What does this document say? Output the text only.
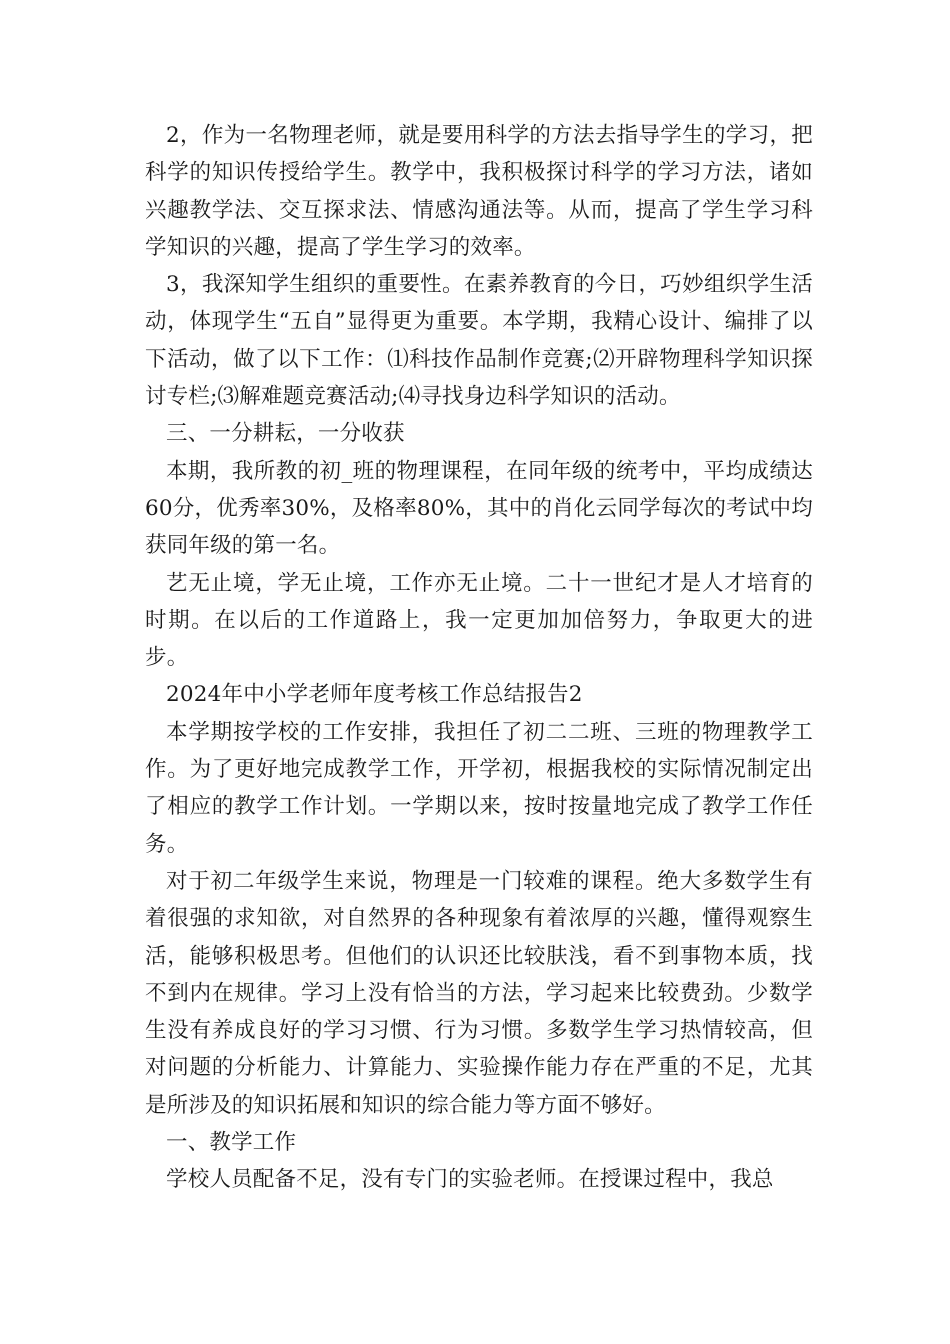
2，作为一名物理老师，就是要用科学的方法去指导学生的学习，把科学的知识传授给学生。教学中，我积极探讨科学的学习方法，诸如兴趣教学法、交互探求法、情感沟通法等。从而，提高了学生学习科学知识的兴趣，提高了学生学习的效率。

3，我深知学生组织的重要性。在素养教育的今日，巧妙组织学生活动，体现学生“五自”显得更为重要。本学期，我精心设计、编排了以下活动，做了以下工作：⑴科技作品制作竞赛;⑵开辟物理科学知识探讨专栏;⑶解难题竞赛活动;⑷寻找身边科学知识的活动。

三、一分耕耘，一分收获

本期，我所教的初_班的物理课程，在同年级的统考中，平均成绩达60分，优秀率30%，及格率80%，其中的肖化云同学每次的考试中均获同年级的第一名。

艺无止境，学无止境，工作亦无止境。二十一世纪才是人才培育的时期。在以后的工作道路上，我一定更加加倍努力，争取更大的进步。

2024年中小学老师年度考核工作总结报告2

本学期按学校的工作安排，我担任了初二二班、三班的物理教学工作。为了更好地完成教学工作，开学初，根据我校的实际情况制定出了相应的教学工作计划。一学期以来，按时按量地完成了教学工作任务。

对于初二年级学生来说，物理是一门较难的课程。绝大多数学生有着很强的求知欲，对自然界的各种现象有着浓厚的兴趣，懂得观察生活，能够积极思考。但他们的认识还比较肤浅，看不到事物本质，找不到内在规律。学习上没有恰当的方法，学习起来比较费劲。少数学生没有养成良好的学习习惯、行为习惯。多数学生学习热情较高，但对问题的分析能力、计算能力、实验操作能力存在严重的不足，尤其是所涉及的知识拓展和知识的综合能力等方面不够好。

一、教学工作

学校人员配备不足，没有专门的实验老师。在授课过程中，我总
